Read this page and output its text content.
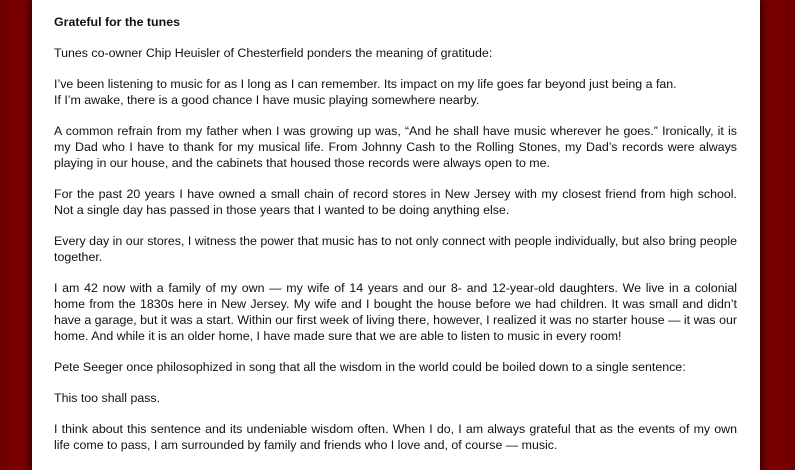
Grateful for the tunes

Tunes co-owner Chip Heuisler of Chesterfield ponders the meaning of gratitude:

I’ve been listening to music for as I long as I can remember. Its impact on my life goes far beyond just being a fan.
If I’m awake, there is a good chance I have music playing somewhere nearby.

A common refrain from my father when I was growing up was, “And he shall have music wherever he goes.” Ironically, it is my Dad who I have to thank for my musical life. From Johnny Cash to the Rolling Stones, my Dad’s records were always playing in our house, and the cabinets that housed those records were always open to me.

For the past 20 years I have owned a small chain of record stores in New Jersey with my closest friend from high school. Not a single day has passed in those years that I wanted to be doing anything else.

Every day in our stores, I witness the power that music has to not only connect with people individually, but also bring people together.

I am 42 now with a family of my own — my wife of 14 years and our 8- and 12-year-old daughters. We live in a colonial home from the 1830s here in New Jersey. My wife and I bought the house before we had children. It was small and didn’t have a garage, but it was a start. Within our first week of living there, however, I realized it was no starter house — it was our home. And while it is an older home, I have made sure that we are able to listen to music in every room!

Pete Seeger once philosophized in song that all the wisdom in the world could be boiled down to a single sentence:

This too shall pass.

I think about this sentence and its undeniable wisdom often. When I do, I am always grateful that as the events of my own life come to pass, I am surrounded by family and friends who I love and, of course — music.
